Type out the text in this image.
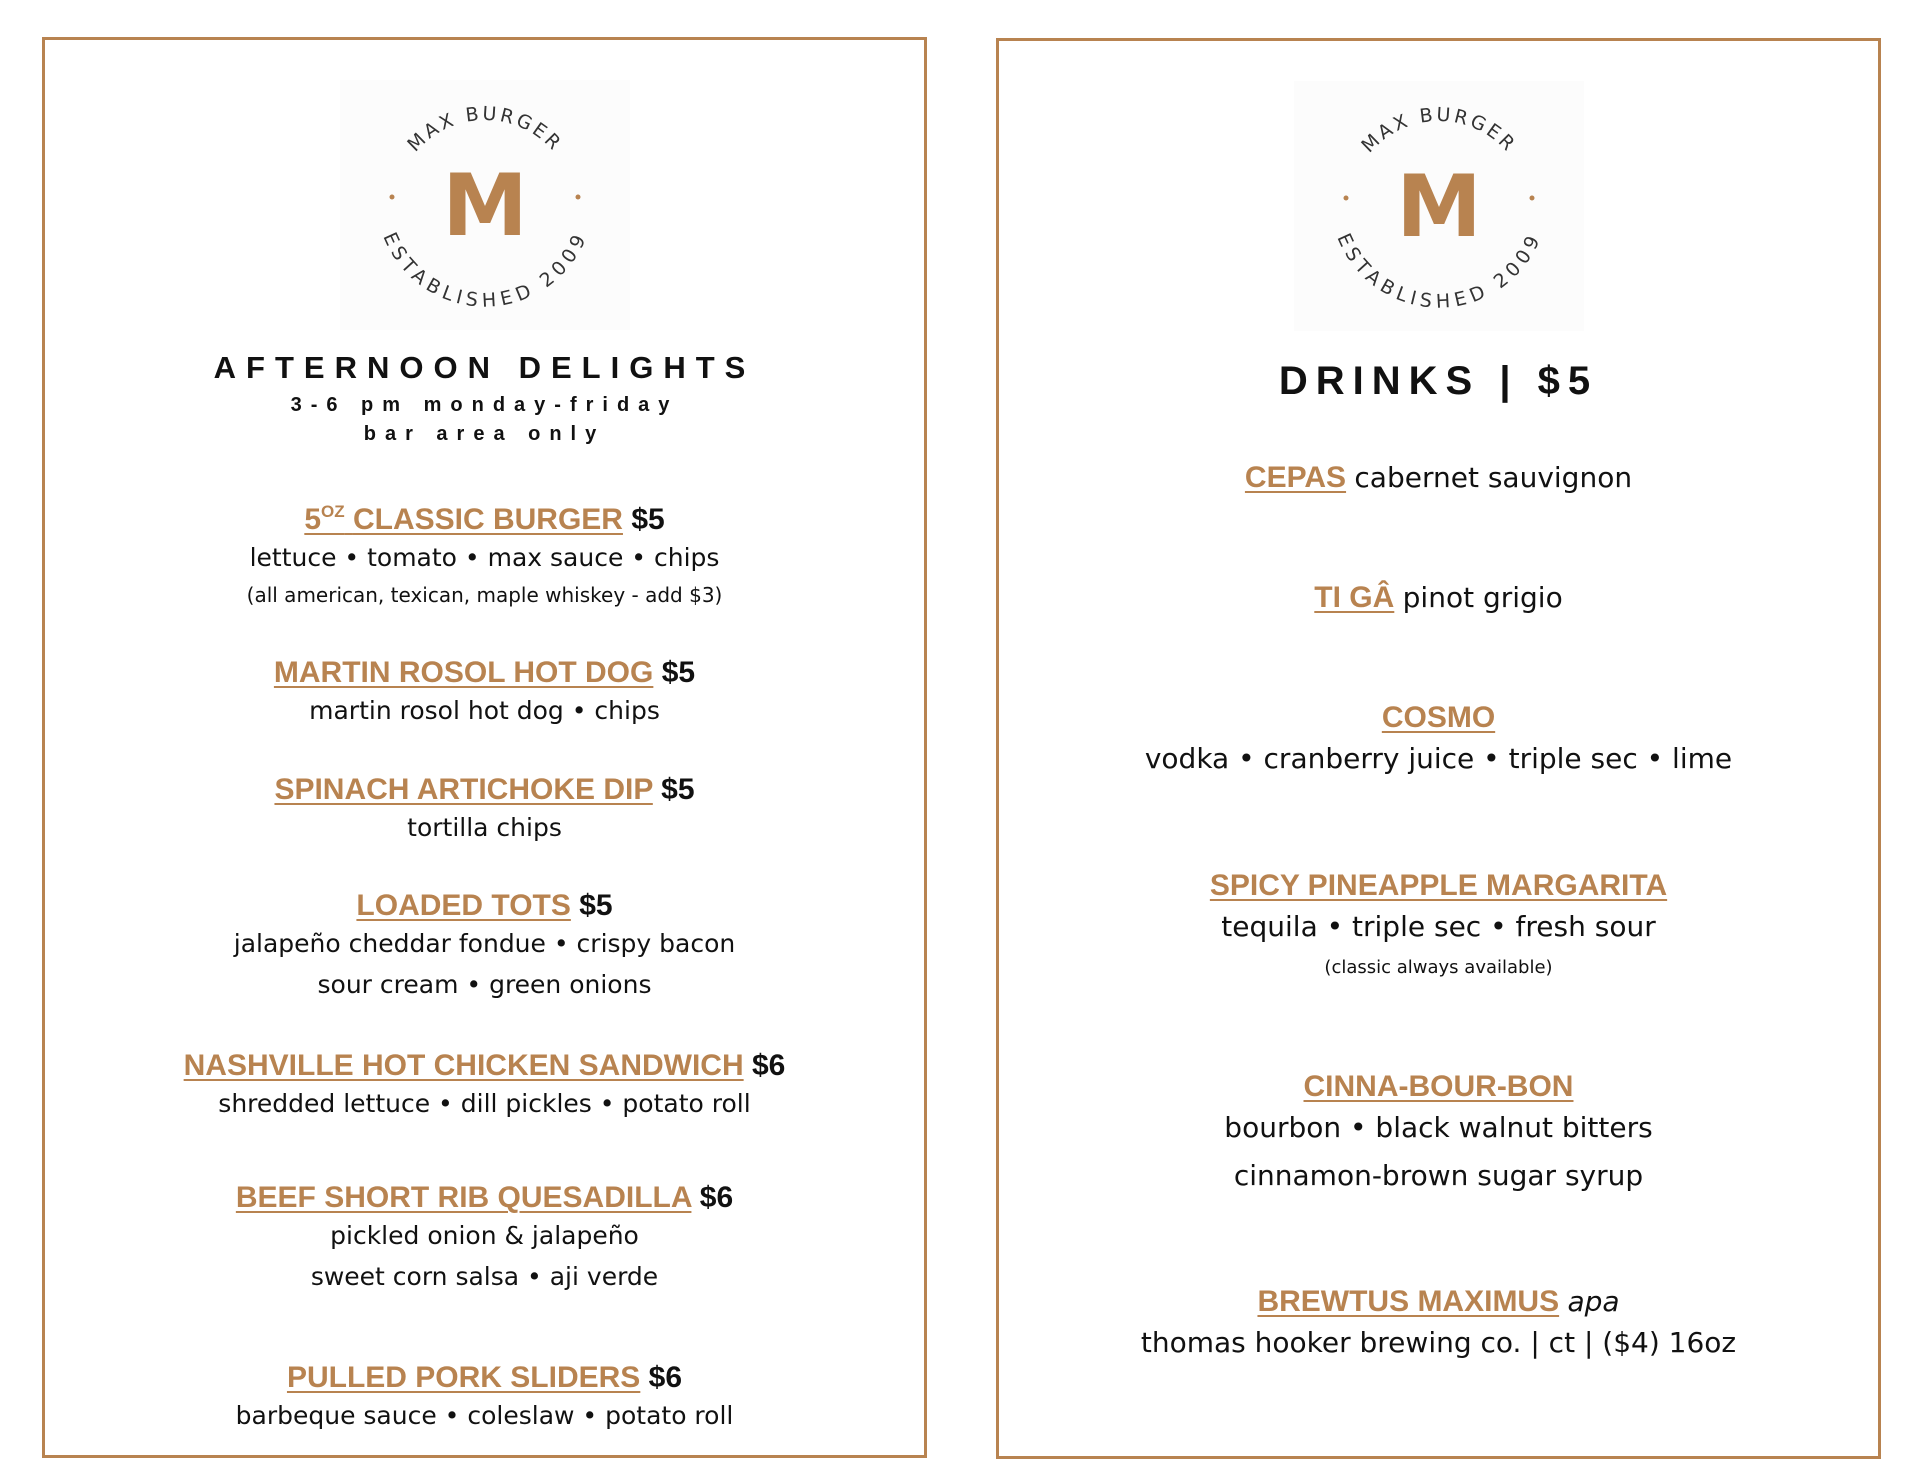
MAX BURGER
ESTABLISHED 2009
M
AFTERNOON DELIGHTS
3-6 pm monday-friday
bar area only
$5^{OZ}$ CLASSIC BURGER $5
lettuce • tomato • max sauce • chips
(all american, texican, maple whiskey - add $3)
MARTIN ROSOL HOT DOG $5
martin rosol hot dog • chips
SPINACH ARTICHOKE DIP $5
tortilla chips
LOADED TOTS $5
jalapeño cheddar fondue • crispy bacon
sour cream • green onions
NASHVILLE HOT CHICKEN SANDWICH $6
shredded lettuce • dill pickles • potato roll
BEEF SHORT RIB QUESADILLA $6
pickled onion & jalapeño
sweet corn salsa • aji verde
PULLED PORK SLIDERS $6
barbeque sauce • coleslaw • potato roll
MAX BURGER
ESTABLISHED 2009
M
DRINKS | $5
CEPAS cabernet sauvignon
TI GÂ pinot grigio
COSMO
vodka • cranberry juice • triple sec • lime
SPICY PINEAPPLE MARGARITA
tequila • triple sec • fresh sour
(classic always available)
CINNA-BOUR-BON
bourbon • black walnut bitters
cinnamon-brown sugar syrup
BREWTUS MAXIMUS apa
thomas hooker brewing co. | ct | ($4) 16oz
